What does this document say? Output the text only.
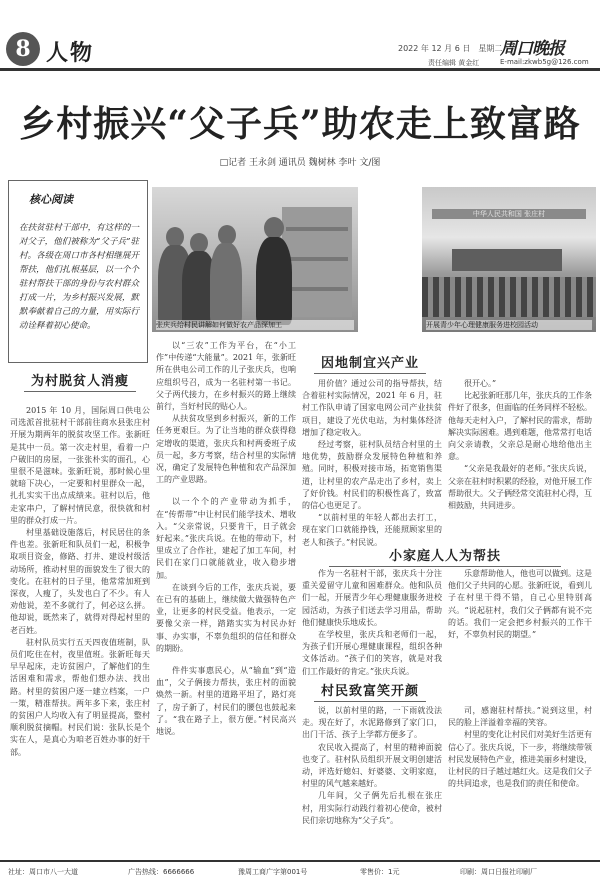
8 人物	2022 年 12 月 6 日　星期二
周口晚报
责任编辑 黄金红	E-mail:zkwb5g@126.com
乡村振兴“父子兵”助农走上致富路
□记者 王永剑 通讯员 魏树林 李叶 文/图
核心阅读
在扶贫驻村干部中，有这样的一对父子，他们被称为“父子兵”驻村。各级在周口市各村相继展开帮扶，他们扎根基层，以一个个驻村帮扶干部的身份与农村群众打成一片，为乡村振兴发展，默默奉献着自己的力量，用实际行动诠释着初心使命。	张庆兵给村民讲解如何做好农产品深加工
中华人民共和国 张庄村
开展青少年心理健康服务进校园活动
为村脱贫人消瘦

2015 年 10 月，国际周口供电公司选派首批驻村干部前往商水县张庄村开展为期两年的脱贫攻坚工作。张新旺是其中一员。第一次走村里，看着一户户破旧的房屋，一张张朴实的面孔，心里很不是滋味。张新旺说，那时候心里就暗下决心，一定要和村里群众一起，扎扎实实干出点成绩来。驻村以后，他走家串户，了解村情民意，很快就和村里的群众打成一片。

村里基础设施落后，村民居住的条件也差。张新旺和队员们一起，积极争取项目资金，修路、打井、建设村级活动场所，推动村里的面貌发生了很大的变化。在驻村的日子里，他常常加班到深夜，人瘦了，头发也白了不少。有人劝他说，差不多就行了，何必这么拼。他却说，既然来了，就得对得起村里的老百姓。

驻村队员实行五天四夜值班制，队员们吃住在村，夜里值班。张新旺每天早早起床，走访贫困户，了解他们的生活困难和需求，帮他们想办法、找出路。村里的贫困户逐一建立档案，一户一策，精准帮扶。两年多下来，张庄村的贫困户人均收入有了明显提高，整村顺利脱贫摘帽。村民们说：张队长是个实在人，是真心为咱老百姓办事的好干部。

以“三农”工作为平台，在“小工作”中传递“大能量”。2021 年，张新旺所在供电公司工作的儿子张庆兵，也响应组织号召，成为一名驻村第一书记。父子两代接力，在乡村振兴的路上继续前行，当好村民的贴心人。

从扶贫攻坚到乡村振兴，新的工作任务更艰巨。为了让当地的群众获得稳定增收的渠道，张庆兵和村两委班子成员一起，多方考察，结合村里的实际情况，确定了发展特色种植和农产品深加工的产业思路。

以一个个的产业带动为抓手，在“传帮带”中让村民们能学技术、增收入。“父亲常说，只要肯干，日子就会好起来。”张庆兵说。在他的带动下，村里成立了合作社，建起了加工车间，村民们在家门口就能就业，收入稳步增加。

在谈到今后的工作，张庆兵说，要在已有的基础上，继续做大做强特色产业，让更多的村民受益。他表示，一定要像父亲一样，踏踏实实为村民办好事、办实事，不辜负组织的信任和群众的期盼。

件件实事惠民心，从“输血”到“造血”，父子俩接力帮扶，张庄村的面貌焕然一新。村里的道路平坦了，路灯亮了，房子新了，村民们的腰包也鼓起来了。“我在路子上，很方便。”村民高兴地说。

因地制宜兴产业

用价值？通过公司的指导帮扶，结合着驻村实际情况，2021 年 6 月，驻村工作队申请了国家电网公司产业扶贫项目，建设了光伏电站，为村集体经济增加了稳定收入。

经过考察，驻村队员结合村里的土地优势，鼓励群众发展特色种植和养殖。同时，积极对接市场，拓宽销售渠道，让村里的农产品走出了乡村，卖上了好价钱。村民们的积极性高了，致富的信心也更足了。

“以前村里的年轻人都出去打工，现在家门口就能挣钱，还能照顾家里的老人和孩子。”村民说。

小家庭人人为帮扶

作为一名驻村干部，张庆兵十分注重关爱留守儿童和困难群众。他和队员们一起，开展青少年心理健康服务进校园活动，为孩子们送去学习用品，帮助他们健康快乐地成长。

在学校里，张庆兵和老师们一起，为孩子们开展心理健康课程，组织各种文体活动。“孩子们的笑容，就是对我们工作最好的肯定。”张庆兵说。

村民致富笑开颜

说，以前村里的路，一下雨就没法走。现在好了，水泥路修到了家门口，出门干活、孩子上学都方便多了。

农民收入提高了，村里的精神面貌也变了。驻村队员组织开展文明创建活动，评选好媳妇、好婆婆、文明家庭，村里的风气越来越好。

几年间，父子俩先后扎根在张庄村，用实际行动践行着初心使命，被村民们亲切地称为“父子兵”。

很开心。”

比起张新旺那几年，张庆兵的工作条件好了很多，但面临的任务同样不轻松。他每天走村入户，了解村民的需求，帮助解决实际困难。遇到难题，他常常打电话向父亲请教，父亲总是耐心地给他出主意。

“父亲是我最好的老师。”张庆兵说，父亲在驻村时积累的经验，对他开展工作帮助很大。父子俩经常交流驻村心得，互相鼓励，共同进步。

乐意帮助他人，他也可以做到。这是他们父子共同的心愿。张新旺说，看到儿子在村里干得不错，自己心里特别高兴。“说起驻村，我们父子俩都有说不完的话。我们一定会把乡村振兴的工作干好，不辜负村民的期望。”

司，感谢驻村帮扶。”说到这里，村民的脸上洋溢着幸福的笑容。

村里的变化让村民们对美好生活更有信心了。张庆兵说，下一步，将继续带领村民发展特色产业，推进美丽乡村建设，让村民的日子越过越红火。这是我们父子的共同追求，也是我们的责任和使命。

社址：周口市八一大道	广告热线：6666666	豫周工商广字第001号	零售价：1元	印刷：周口日报社印刷厂
